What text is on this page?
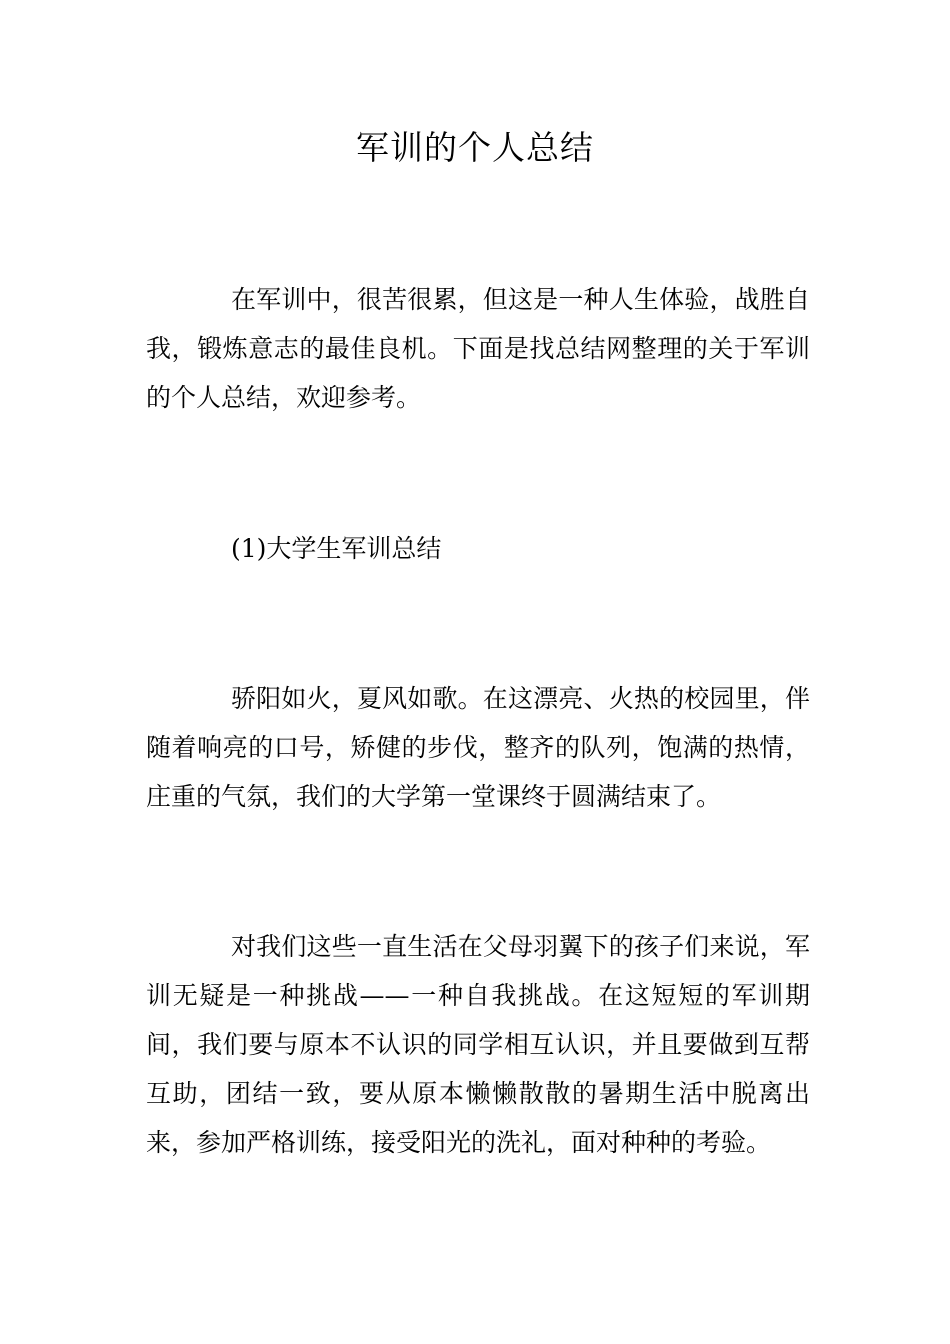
军训的个人总结

在军训中，很苦很累，但这是一种人生体验，战胜自我，锻炼意志的最佳良机。下面是找总结网整理的关于军训的个人总结，欢迎参考。

(1)大学生军训总结

骄阳如火，夏风如歌。在这漂亮、火热的校园里，伴随着响亮的口号，矫健的步伐，整齐的队列，饱满的热情，庄重的气氛，我们的大学第一堂课终于圆满结束了。

对我们这些一直生活在父母羽翼下的孩子们来说，军训无疑是一种挑战——一种自我挑战。在这短短的军训期间，我们要与原本不认识的同学相互认识，并且要做到互帮互助，团结一致，要从原本懒懒散散的暑期生活中脱离出来，参加严格训练，接受阳光的洗礼，面对种种的考验。
